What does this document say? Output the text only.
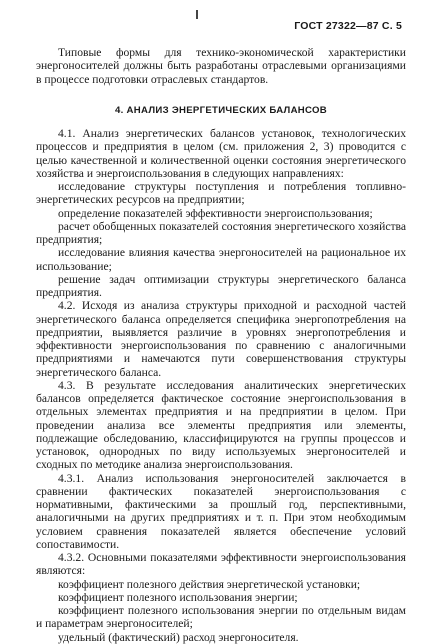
ГОСТ 27322—87 С. 5

Типовые формы для технико-экономической характеристики энергоносителей должны быть разработаны отраслевыми организациями в процессе подготовки отраслевых стандартов.

4. АНАЛИЗ ЭНЕРГЕТИЧЕСКИХ БАЛАНСОВ

4.1. Анализ энергетических балансов установок, технологических процессов и предприятия в целом (см. приложения 2, 3) проводится с целью качественной и количественной оценки состояния энергетического хозяйства и энергоиспользования в следующих направлениях:

исследование структуры поступления и потребления топливно-энергетических ресурсов на предприятии;

определение показателей эффективности энергоиспользования;

расчет обобщенных показателей состояния энергетического хозяйства предприятия;

исследование влияния качества энергоносителей на рациональное их использование;

решение задач оптимизации структуры энергетического баланса предприятия.

4.2. Исходя из анализа структуры приходной и расходной частей энергетического баланса определяется специфика энергопотребления на предприятии, выявляется различие в уровнях энергопотребления и эффективности энергоиспользования по сравнению с аналогичными предприятиями и намечаются пути совершенствования структуры энергетического баланса.

4.3. В результате исследования аналитических энергетических балансов определяется фактическое состояние энергоиспользования в отдельных элементах предприятия и на предприятии в целом. При проведении анализа все элементы предприятия или элементы, подлежащие обследованию, классифицируются на группы процессов и установок, однородных по виду используемых энергоносителей и сходных по методике анализа энергоиспользования.

4.3.1. Анализ использования энергоносителей заключается в сравнении фактических показателей энергоиспользования с нормативными, фактическими за прошлый год, перспективными, аналогичными на других предприятиях и т. п. При этом необходимым условием сравнения показателей является обеспечение условий сопоставимости.

4.3.2. Основными показателями эффективности энергоиспользования являются:

коэффициент полезного действия энергетической установки;

коэффициент полезного использования энергии;

коэффициент полезного использования энергии по отдельным видам и параметрам энергоносителей;

удельный (фактический) расход энергоносителя.
